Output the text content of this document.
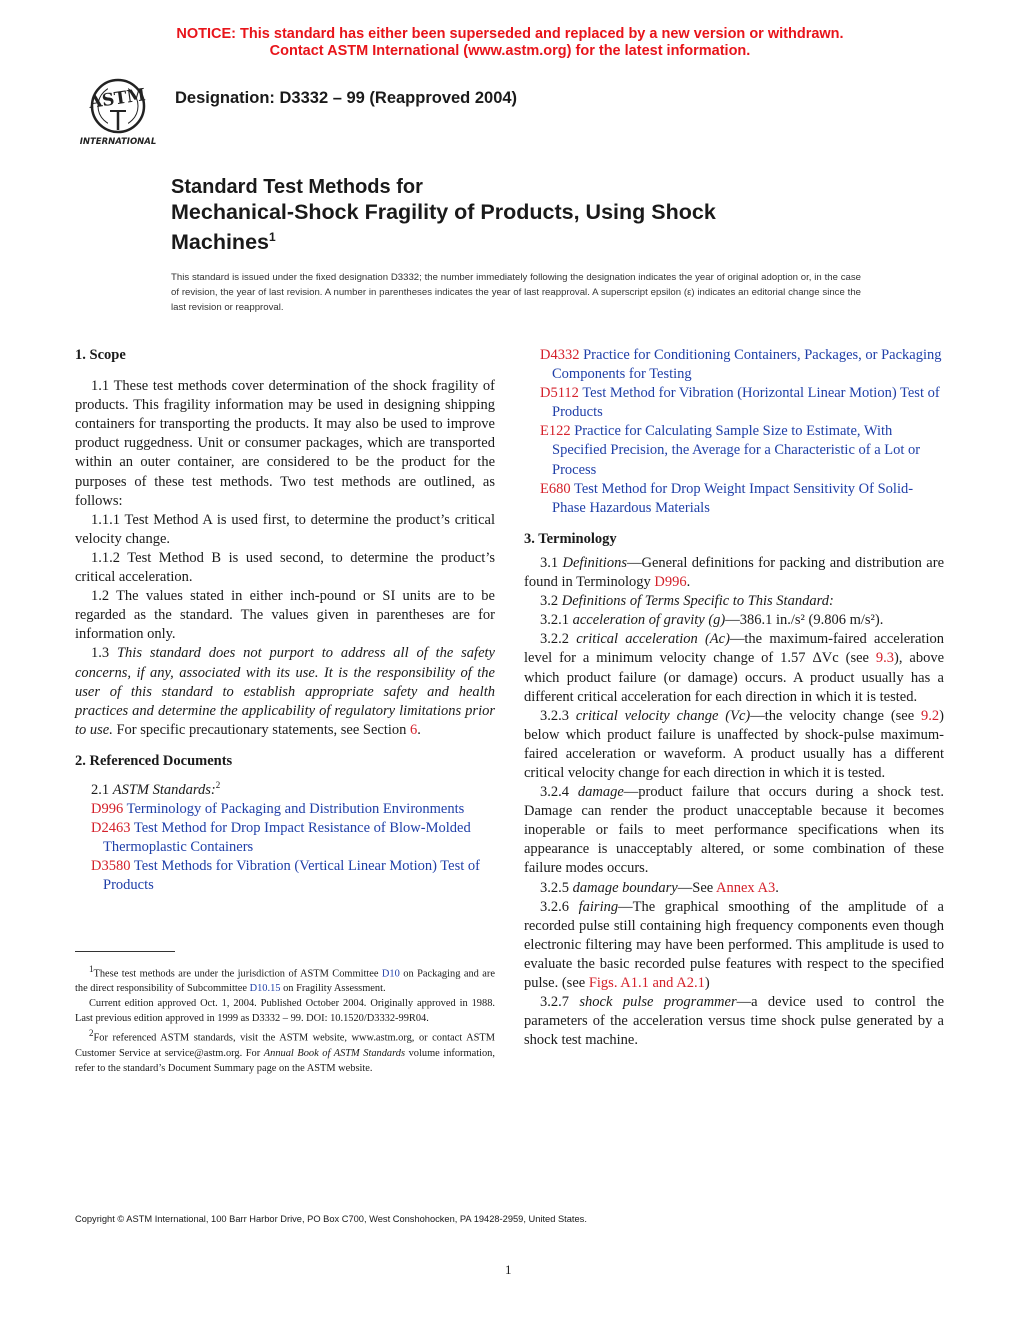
NOTICE: This standard has either been superseded and replaced by a new version or withdrawn.
Contact ASTM International (www.astm.org) for the latest information.
ASTM
INTERNATIONAL
Designation: D3332 – 99 (Reapproved 2004)
Standard Test Methods for
Mechanical-Shock Fragility of Products, Using Shock
Machines$^1$
This standard is issued under the fixed designation D3332; the number immediately following the designation indicates the year of original adoption or, in the case of revision, the year of last revision. A number in parentheses indicates the year of last reapproval. A superscript epsilon (ε) indicates an editorial change since the last revision or reapproval.

1. Scope

1.1 These test methods cover determination of the shock fragility of products. This fragility information may be used in designing shipping containers for transporting the products. It may also be used to improve product ruggedness. Unit or consumer packages, which are transported within an outer container, are considered to be the product for the purposes of these test methods. Two test methods are outlined, as follows:

1.1.1 Test Method A is used first, to determine the product’s critical velocity change.

1.1.2 Test Method B is used second, to determine the product’s critical acceleration.

1.2 The values stated in either inch-pound or SI units are to be regarded as the standard. The values given in parentheses are for information only.

1.3 This standard does not purport to address all of the safety concerns, if any, associated with its use. It is the responsibility of the user of this standard to establish appropriate safety and health practices and determine the applicability of regulatory limitations prior to use. For specific precautionary statements, see Section 6.

2. Referenced Documents

2.1 ASTM Standards:$^2$

D996 Terminology of Packaging and Distribution Environments

D2463 Test Method for Drop Impact Resistance of Blow-Molded Thermoplastic Containers

D3580 Test Methods for Vibration (Vertical Linear Motion) Test of Products

D4332 Practice for Conditioning Containers, Packages, or Packaging Components for Testing

D5112 Test Method for Vibration (Horizontal Linear Motion) Test of Products

E122 Practice for Calculating Sample Size to Estimate, With Specified Precision, the Average for a Characteristic of a Lot or Process

E680 Test Method for Drop Weight Impact Sensitivity Of Solid-Phase Hazardous Materials

3. Terminology

3.1 Definitions—General definitions for packing and distribution are found in Terminology D996.

3.2 Definitions of Terms Specific to This Standard:

3.2.1 acceleration of gravity (g)—386.1 in./s² (9.806 m/s²).

3.2.2 critical acceleration (Ac)—the maximum-faired acceleration level for a minimum velocity change of 1.57 ΔVc (see 9.3), above which product failure (or damage) occurs. A product usually has a different critical acceleration for each direction in which it is tested.

3.2.3 critical velocity change (Vc)—the velocity change (see 9.2) below which product failure is unaffected by shock-pulse maximum-faired acceleration or waveform. A product usually has a different critical velocity change for each direction in which it is tested.

3.2.4 damage—product failure that occurs during a shock test. Damage can render the product unacceptable because it becomes inoperable or fails to meet performance specifications when its appearance is unacceptably altered, or some combination of these failure modes occurs.

3.2.5 damage boundary—See Annex A3.

3.2.6 fairing—The graphical smoothing of the amplitude of a recorded pulse still containing high frequency components even though electronic filtering may have been performed. This amplitude is used to evaluate the basic recorded pulse features with respect to the specified pulse. (see Figs. A1.1 and A2.1)

3.2.7 shock pulse programmer—a device used to control the parameters of the acceleration versus time shock pulse generated by a shock test machine.

$^1$These test methods are under the jurisdiction of ASTM Committee D10 on Packaging and are the direct responsibility of Subcommittee D10.15 on Fragility Assessment.

Current edition approved Oct. 1, 2004. Published October 2004. Originally approved in 1988. Last previous edition approved in 1999 as D3332 – 99. DOI: 10.1520/D3332-99R04.

$^2$For referenced ASTM standards, visit the ASTM website, www.astm.org, or contact ASTM Customer Service at service@astm.org. For Annual Book of ASTM Standards volume information, refer to the standard’s Document Summary page on the ASTM website.

Copyright © ASTM International, 100 Barr Harbor Drive, PO Box C700, West Conshohocken, PA 19428-2959, United States.
1
